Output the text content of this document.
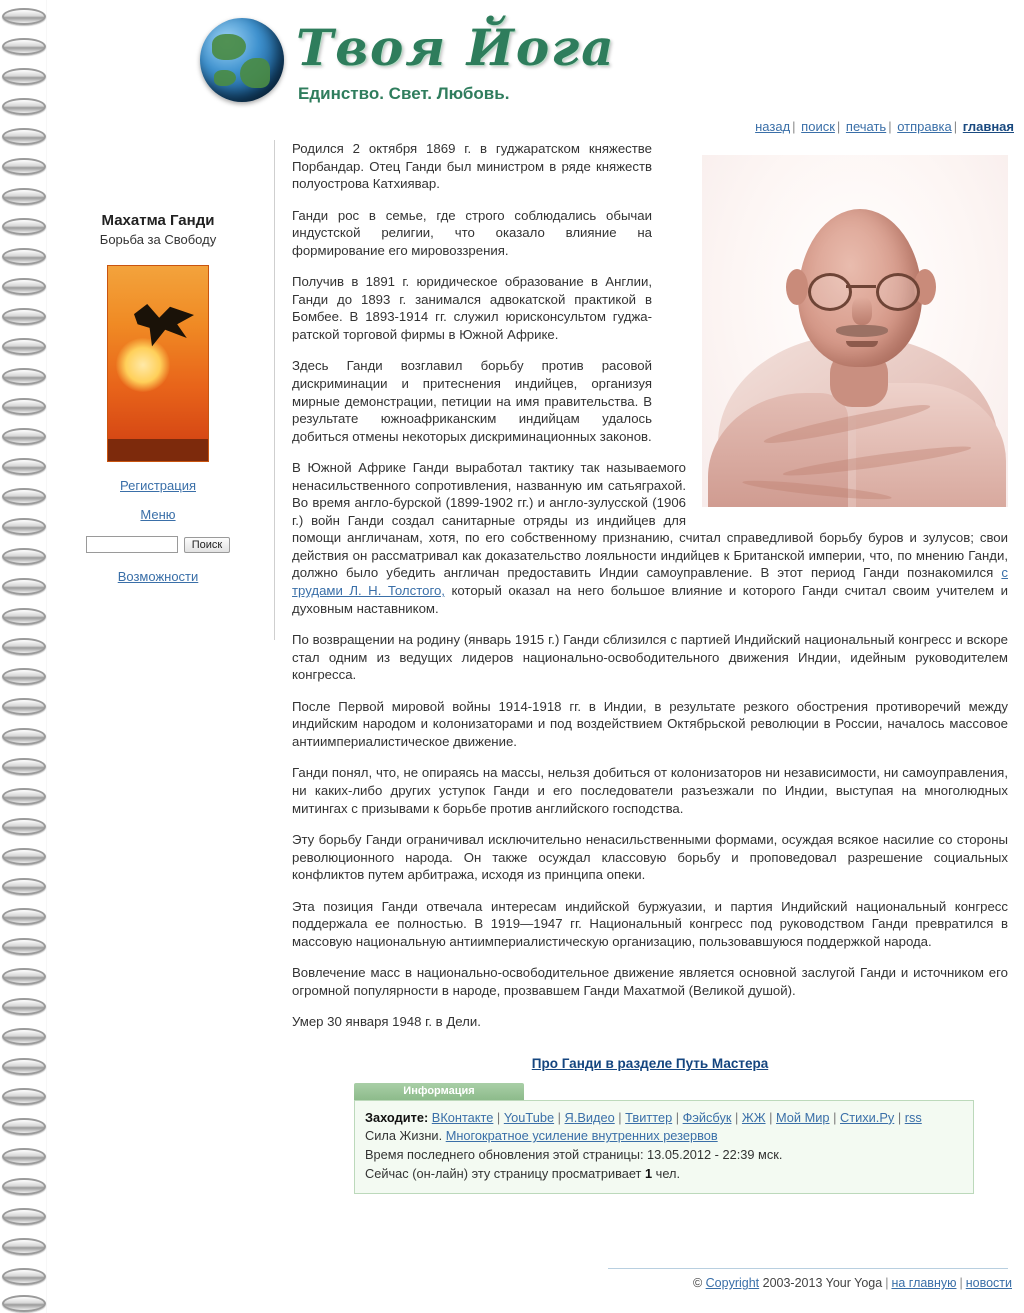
Твоя Йога
Единство. Свет. Любовь.
назад | поиск | печать | отправка | главная
Махатма Ганди
Борьба за Свободу
Регистрация
Меню
Поиск
Возможности

Родился 2 октября 1869 г. в гуджаратском княжестве Порбандар. Отец Ганди был министром в ряде княжеств полуострова Катхиявар.

Ганди рос в семье, где строго соблюдались обычаи индустской религии, что оказало влияние на формирование его мировоззрения.

Получив в 1891 г. юридическое образование в Англии, Ганди до 1893 г. занимался адвокатской практикой в Бомбее. В 1893-1914 гг. служил юрисконсультом гуджа-ратской торговой фирмы в Южной Африке.

Здесь Ганди возглавил борьбу против расовой дискриминации и притеснения индийцев, организуя мирные демонстрации, петиции на имя правительства. В результате южноафриканским индийцам удалось добиться отмены некоторых дискриминационных законов.

В Южной Африке Ганди выработал тактику так называемого ненасильственного сопротивления, названную им сатьяграхой. Во время англо-бурской (1899-1902 гг.) и англо-зулусской (1906 г.) войн Ганди создал санитарные отряды из индийцев для помощи англичанам, хотя, по его собственному признанию, считал справедливой борьбу буров и зулусов; свои действия он рассматривал как доказательство лояльности индийцев к Британской империи, что, по мнению Ганди, должно было убедить англичан предоставить Индии самоуправление. В этот период Ганди познакомился с трудами Л. Н. Толстого, который оказал на него большое влияние и которого Ганди считал своим учителем и духовным наставником.

По возвращении на родину (январь 1915 г.) Ганди сблизился с партией Индийский национальный конгресс и вскоре стал одним из ведущих лидеров национально-освободительного движения Индии, идейным руководителем конгресса.

После Первой мировой войны 1914-1918 гг. в Индии, в результате резкого обострения противоречий между индийским народом и колонизаторами и под воздействием Октябрьской революции в России, началось массовое антиимпериалистическое движение.

Ганди понял, что, не опираясь на массы, нельзя добиться от колонизаторов ни независимости, ни самоуправления, ни каких-либо других уступок Ганди и его последователи разъезжали по Индии, выступая на многолюдных митингах с призывами к борьбе против английского господства.

Эту борьбу Ганди ограничивал исключительно ненасильственными формами, осуждая всякое насилие со стороны революционного народа. Он также осуждал классовую борьбу и проповедовал разрешение социальных конфликтов путем арбитража, исходя из принципа опеки.

Эта позиция Ганди отвечала интересам индийской буржуазии, и партия Индийский национальный конгресс поддержала ее полностью. В 1919—1947 гг. Национальный конгресс под руководством Ганди превратился в массовую национальную антиимпериалистическую организацию, пользовавшуюся поддержкой народа.

Вовлечение масс в национально-освободительное движение является основной заслугой Ганди и источником его огромной популярности в народе, прозвавшем Ганди Махатмой (Великой душой).

Умер 30 января 1948 г. в Дели.

Про Ганди в разделе Путь Мастера
Информация
Заходите: ВКонтакте | YouTube | Я.Видео | Твиттер | Фэйсбук | ЖЖ | Мой Мир | Стихи.Ру | rss
Сила Жизни. Многократное усиление внутренних резервов
Время последнего обновления этой страницы: 13.05.2012 - 22:39 мск.
Сейчас (он-лайн) эту страницу просматривает 1 чел.
© Copyright 2003-2013 Your Yoga | на главную | новости
